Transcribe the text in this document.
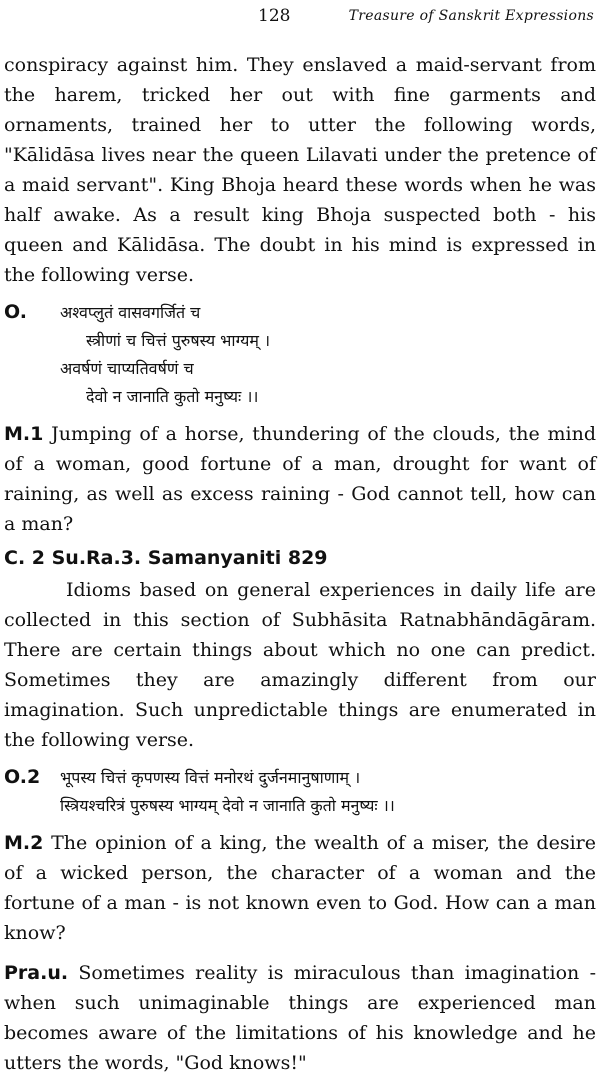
128	Treasure of Sanskrit Expressions

conspiracy against him. They enslaved a maid-servant from the harem, tricked her out with fine garments and ornaments, trained her to utter the following words, "Kālidāsa lives near the queen Lilavati under the pretence of a maid servant". King Bhoja heard these words when he was half awake. As a result king Bhoja suspected both - his queen and Kālidāsa. The doubt in his mind is expressed in the following verse.

O. अश्वप्लुतं वासवगर्जितं च
स्त्रीणां च चित्तं पुरुषस्य भाग्यम् ।
अवर्षणं चाप्यतिवर्षणं च
देवो न जानाति कुतो मनुष्यः ।।

M.1 Jumping of a horse, thundering of the clouds, the mind of a woman, good fortune of a man, drought for want of raining, as well as excess raining - God cannot tell, how can a man?

C. 2 Su.Ra.3. Samanyaniti 829

Idioms based on general experiences in daily life are collected in this section of Subhāsita Ratnabhāndāgāram. There are certain things about which no one can predict. Sometimes they are amazingly different from our imagination. Such unpredictable things are enumerated in the following verse.

O.2 भूपस्य चित्तं कृपणस्य वित्तं मनोरथं दुर्जनमानुषाणाम् ।
स्त्रियश्चरित्रं पुरुषस्य भाग्यम् देवो न जानाति कुतो मनुष्यः ।।

M.2 The opinion of a king, the wealth of a miser, the desire of a wicked person, the character of a woman and the fortune of a man - is not known even to God. How can a man know?

Pra.u. Sometimes reality is miraculous than imagination - when such unimaginable things are experienced man becomes aware of the limitations of his knowledge and he utters the words, "God knows!"
